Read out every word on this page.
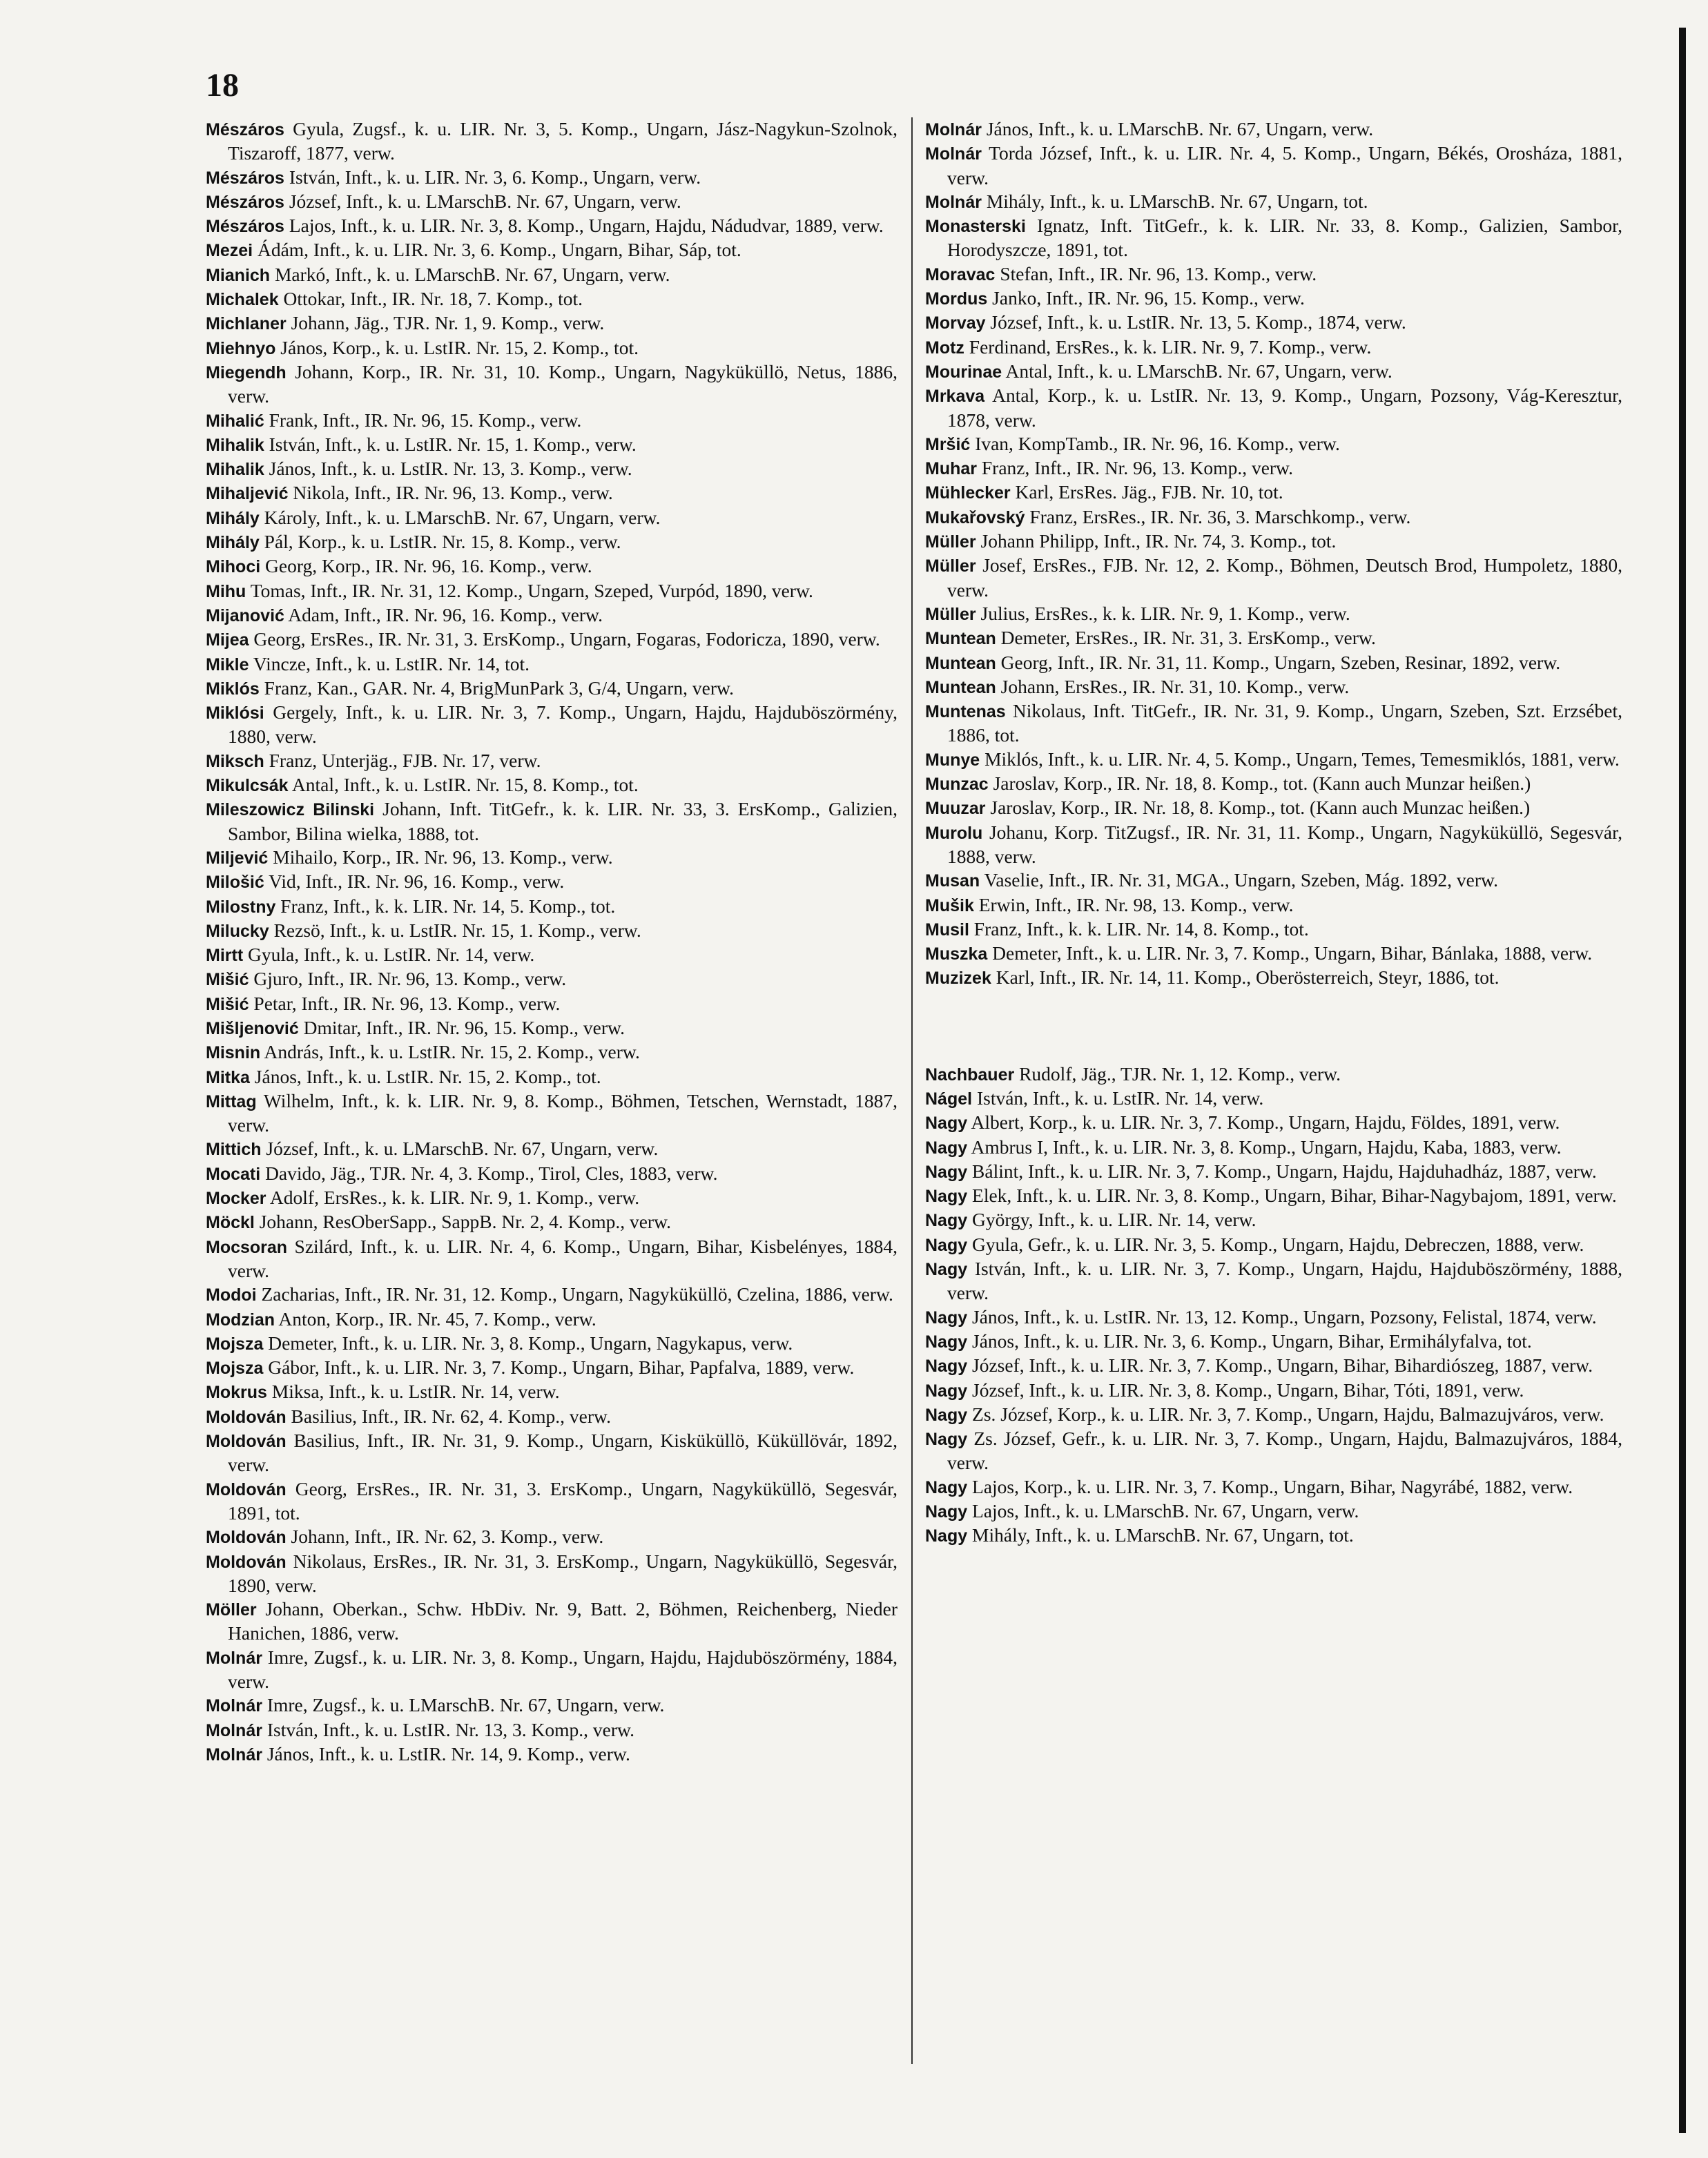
18
Mészáros Gyula, Zugsf., k. u. LIR. Nr. 3, 5. Komp., Ungarn, Jász-Nagykun-Szolnok, Tiszaroff, 1877, verw.
Mészáros István, Inft., k. u. LIR. Nr. 3, 6. Komp., Ungarn, verw.
Mészáros József, Inft., k. u. LMarschB. Nr. 67, Ungarn, verw.
Mészáros Lajos, Inft., k. u. LIR. Nr. 3, 8. Komp., Ungarn, Hajdu, Nádudvar, 1889, verw.
Mezei Ádám, Inft., k. u. LIR. Nr. 3, 6. Komp., Ungarn, Bihar, Sáp, tot.
Mianich Markó, Inft., k. u. LMarschB. Nr. 67, Ungarn, verw.
Michalek Ottokar, Inft., IR. Nr. 18, 7. Komp., tot.
Michlaner Johann, Jäg., TJR. Nr. 1, 9. Komp., verw.
Miehnyo János, Korp., k. u. LstIR. Nr. 15, 2. Komp., tot.
Miegendh Johann, Korp., IR. Nr. 31, 10. Komp., Ungarn, Nagyküküllö, Netus, 1886, verw.
Mihalić Frank, Inft., IR. Nr. 96, 15. Komp., verw.
Mihalik István, Inft., k. u. LstIR. Nr. 15, 1. Komp., verw.
Mihalik János, Inft., k. u. LstIR. Nr. 13, 3. Komp., verw.
Mihaljević Nikola, Inft., IR. Nr. 96, 13. Komp., verw.
Mihály Károly, Inft., k. u. LMarschB. Nr. 67, Ungarn, verw.
Mihály Pál, Korp., k. u. LstIR. Nr. 15, 8. Komp., verw.
Mihoci Georg, Korp., IR. Nr. 96, 16. Komp., verw.
Mihu Tomas, Inft., IR. Nr. 31, 12. Komp., Ungarn, Szeped, Vurpód, 1890, verw.
Mijanović Adam, Inft., IR. Nr. 96, 16. Komp., verw.
Mijea Georg, ErsRes., IR. Nr. 31, 3. ErsKomp., Ungarn, Fogaras, Fodoricza, 1890, verw.
Mikle Vincze, Inft., k. u. LstIR. Nr. 14, tot.
Miklós Franz, Kan., GAR. Nr. 4, BrigMunPark 3, G/4, Ungarn, verw.
Miklósi Gergely, Inft., k. u. LIR. Nr. 3, 7. Komp., Ungarn, Hajdu, Hajduböszörmény, 1880, verw.
Miksch Franz, Unterjäg., FJB. Nr. 17, verw.
Mikulcsák Antal, Inft., k. u. LstIR. Nr. 15, 8. Komp., tot.
Mileszowicz Bilinski Johann, Inft. TitGefr., k. k. LIR. Nr. 33, 3. ErsKomp., Galizien, Sambor, Bilina wielka, 1888, tot.
Miljević Mihailo, Korp., IR. Nr. 96, 13. Komp., verw.
Milošić Vid, Inft., IR. Nr. 96, 16. Komp., verw.
Milostny Franz, Inft., k. k. LIR. Nr. 14, 5. Komp., tot.
Milucky Rezsö, Inft., k. u. LstIR. Nr. 15, 1. Komp., verw.
Mirtt Gyula, Inft., k. u. LstIR. Nr. 14, verw.
Mišić Gjuro, Inft., IR. Nr. 96, 13. Komp., verw.
Mišić Petar, Inft., IR. Nr. 96, 13. Komp., verw.
Mišljenović Dmitar, Inft., IR. Nr. 96, 15. Komp., verw.
Misnin András, Inft., k. u. LstIR. Nr. 15, 2. Komp., verw.
Mitka János, Inft., k. u. LstIR. Nr. 15, 2. Komp., tot.
Mittag Wilhelm, Inft., k. k. LIR. Nr. 9, 8. Komp., Böhmen, Tetschen, Wernstadt, 1887, verw.
Mittich József, Inft., k. u. LMarschB. Nr. 67, Ungarn, verw.
Mocati Davido, Jäg., TJR. Nr. 4, 3. Komp., Tirol, Cles, 1883, verw.
Mocker Adolf, ErsRes., k. k. LIR. Nr. 9, 1. Komp., verw.
Möckl Johann, ResOberSapp., SappB. Nr. 2, 4. Komp., verw.
Mocsoran Szilárd, Inft., k. u. LIR. Nr. 4, 6. Komp., Ungarn, Bihar, Kisbelényes, 1884, verw.
Modoi Zacharias, Inft., IR. Nr. 31, 12. Komp., Ungarn, Nagyküküllö, Czelina, 1886, verw.
Modzian Anton, Korp., IR. Nr. 45, 7. Komp., verw.
Mojsza Demeter, Inft., k. u. LIR. Nr. 3, 8. Komp., Ungarn, Nagykapus, verw.
Mojsza Gábor, Inft., k. u. LIR. Nr. 3, 7. Komp., Ungarn, Bihar, Papfalva, 1889, verw.
Mokrus Miksa, Inft., k. u. LstIR. Nr. 14, verw.
Moldován Basilius, Inft., IR. Nr. 62, 4. Komp., verw.
Moldován Basilius, Inft., IR. Nr. 31, 9. Komp., Ungarn, Kisküküllö, Küküllövár, 1892, verw.
Moldován Georg, ErsRes., IR. Nr. 31, 3. ErsKomp., Ungarn, Nagyküküllö, Segesvár, 1891, tot.
Moldován Johann, Inft., IR. Nr. 62, 3. Komp., verw.
Moldován Nikolaus, ErsRes., IR. Nr. 31, 3. ErsKomp., Ungarn, Nagyküküllö, Segesvár, 1890, verw.
Möller Johann, Oberkan., Schw. HbDiv. Nr. 9, Batt. 2, Böhmen, Reichenberg, Nieder Hanichen, 1886, verw.
Molnár Imre, Zugsf., k. u. LIR. Nr. 3, 8. Komp., Ungarn, Hajdu, Hajduböszörmény, 1884, verw.
Molnár Imre, Zugsf., k. u. LMarschB. Nr. 67, Ungarn, verw.
Molnár István, Inft., k. u. LstIR. Nr. 13, 3. Komp., verw.
Molnár János, Inft., k. u. LstIR. Nr. 14, 9. Komp., verw.
Molnár János, Inft., k. u. LMarschB. Nr. 67, Ungarn, verw.
Molnár Torda József, Inft., k. u. LIR. Nr. 4, 5. Komp., Ungarn, Békés, Orosháza, 1881, verw.
Molnár Mihály, Inft., k. u. LMarschB. Nr. 67, Ungarn, tot.
Monasterski Ignatz, Inft. TitGefr., k. k. LIR. Nr. 33, 8. Komp., Galizien, Sambor, Horodyszcze, 1891, tot.
Moravac Stefan, Inft., IR. Nr. 96, 13. Komp., verw.
Mordus Janko, Inft., IR. Nr. 96, 15. Komp., verw.
Morvay József, Inft., k. u. LstIR. Nr. 13, 5. Komp., 1874, verw.
Motz Ferdinand, ErsRes., k. k. LIR. Nr. 9, 7. Komp., verw.
Mourinae Antal, Inft., k. u. LMarschB. Nr. 67, Ungarn, verw.
Mrkava Antal, Korp., k. u. LstIR. Nr. 13, 9. Komp., Ungarn, Pozsony, Vág-Keresztur, 1878, verw.
Mršić Ivan, KompTamb., IR. Nr. 96, 16. Komp., verw.
Muhar Franz, Inft., IR. Nr. 96, 13. Komp., verw.
Mühlecker Karl, ErsRes. Jäg., FJB. Nr. 10, tot.
Mukařovský Franz, ErsRes., IR. Nr. 36, 3. Marschkomp., verw.
Müller Johann Philipp, Inft., IR. Nr. 74, 3. Komp., tot.
Müller Josef, ErsRes., FJB. Nr. 12, 2. Komp., Böhmen, Deutsch Brod, Humpoletz, 1880, verw.
Müller Julius, ErsRes., k. k. LIR. Nr. 9, 1. Komp., verw.
Muntean Demeter, ErsRes., IR. Nr. 31, 3. ErsKomp., verw.
Muntean Georg, Inft., IR. Nr. 31, 11. Komp., Ungarn, Szeben, Resinar, 1892, verw.
Muntean Johann, ErsRes., IR. Nr. 31, 10. Komp., verw.
Muntenas Nikolaus, Inft. TitGefr., IR. Nr. 31, 9. Komp., Ungarn, Szeben, Szt. Erzsébet, 1886, tot.
Munye Miklós, Inft., k. u. LIR. Nr. 4, 5. Komp., Ungarn, Temes, Temesmiklós, 1881, verw.
Munzac Jaroslav, Korp., IR. Nr. 18, 8. Komp., tot. (Kann auch Munzar heißen.)
Muuzar Jaroslav, Korp., IR. Nr. 18, 8. Komp., tot. (Kann auch Munzac heißen.)
Murolu Johanu, Korp. TitZugsf., IR. Nr. 31, 11. Komp., Ungarn, Nagyküküllö, Segesvár, 1888, verw.
Musan Vaselie, Inft., IR. Nr. 31, MGA., Ungarn, Szeben, Mág. 1892, verw.
Mušik Erwin, Inft., IR. Nr. 98, 13. Komp., verw.
Musil Franz, Inft., k. k. LIR. Nr. 14, 8. Komp., tot.
Muszka Demeter, Inft., k. u. LIR. Nr. 3, 7. Komp., Ungarn, Bihar, Bánlaka, 1888, verw.
Muzizek Karl, Inft., IR. Nr. 14, 11. Komp., Oberösterreich, Steyr, 1886, tot.
Nachbauer Rudolf, Jäg., TJR. Nr. 1, 12. Komp., verw.
Nágel István, Inft., k. u. LstIR. Nr. 14, verw.
Nagy Albert, Korp., k. u. LIR. Nr. 3, 7. Komp., Ungarn, Hajdu, Földes, 1891, verw.
Nagy Ambrus I, Inft., k. u. LIR. Nr. 3, 8. Komp., Ungarn, Hajdu, Kaba, 1883, verw.
Nagy Bálint, Inft., k. u. LIR. Nr. 3, 7. Komp., Ungarn, Hajdu, Hajduhadház, 1887, verw.
Nagy Elek, Inft., k. u. LIR. Nr. 3, 8. Komp., Ungarn, Bihar, Bihar-Nagybajom, 1891, verw.
Nagy György, Inft., k. u. LIR. Nr. 14, verw.
Nagy Gyula, Gefr., k. u. LIR. Nr. 3, 5. Komp., Ungarn, Hajdu, Debreczen, 1888, verw.
Nagy István, Inft., k. u. LIR. Nr. 3, 7. Komp., Ungarn, Hajdu, Hajduböszörmény, 1888, verw.
Nagy János, Inft., k. u. LstIR. Nr. 13, 12. Komp., Ungarn, Pozsony, Felistal, 1874, verw.
Nagy János, Inft., k. u. LIR. Nr. 3, 6. Komp., Ungarn, Bihar, Ermihályfalva, tot.
Nagy József, Inft., k. u. LIR. Nr. 3, 7. Komp., Ungarn, Bihar, Bihardiószeg, 1887, verw.
Nagy József, Inft., k. u. LIR. Nr. 3, 8. Komp., Ungarn, Bihar, Tóti, 1891, verw.
Nagy Zs. József, Korp., k. u. LIR. Nr. 3, 7. Komp., Ungarn, Hajdu, Balmazujváros, verw.
Nagy Zs. József, Gefr., k. u. LIR. Nr. 3, 7. Komp., Ungarn, Hajdu, Balmazujváros, 1884, verw.
Nagy Lajos, Korp., k. u. LIR. Nr. 3, 7. Komp., Ungarn, Bihar, Nagyrábé, 1882, verw.
Nagy Lajos, Inft., k. u. LMarschB. Nr. 67, Ungarn, verw.
Nagy Mihály, Inft., k. u. LMarschB. Nr. 67, Ungarn, tot.
